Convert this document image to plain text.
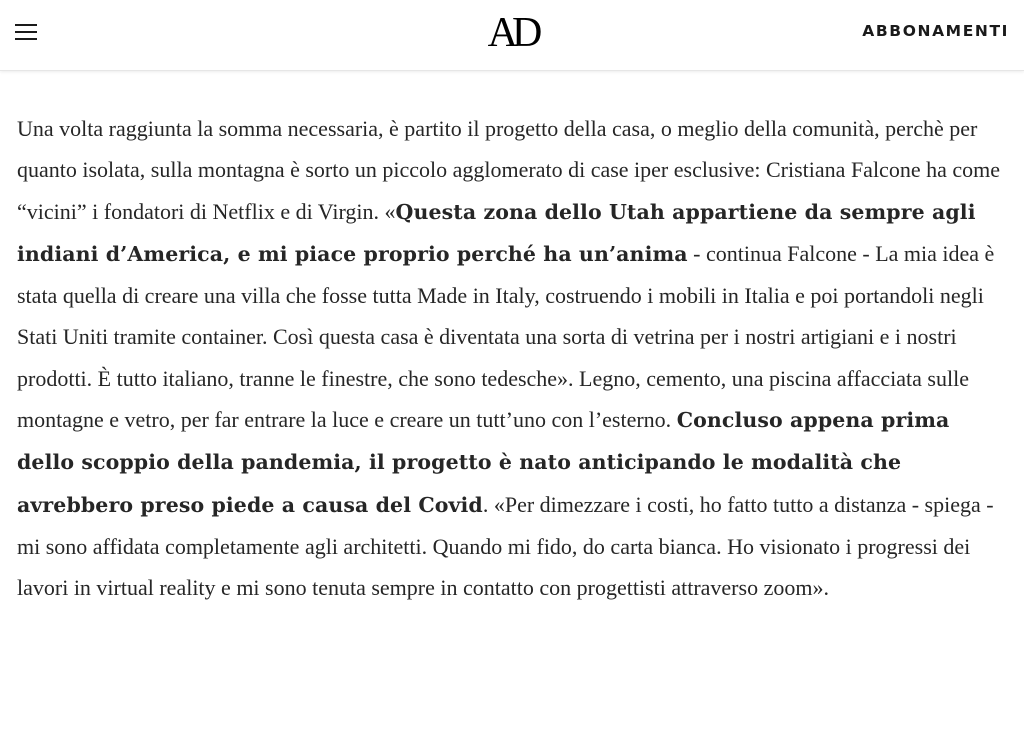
AD	ABBONAMENTI

Una volta raggiunta la somma necessaria, è partito il progetto della casa, o meglio della comunità, perchè per quanto isolata, sulla montagna è sorto un piccolo agglomerato di case iper esclusive: Cristiana Falcone ha come “vicini” i fondatori di Netflix e di Virgin. «Questa zona dello Utah appartiene da sempre agli indiani d’America, e mi piace proprio perché ha un’anima - continua Falcone - La mia idea è stata quella di creare una villa che fosse tutta Made in Italy, costruendo i mobili in Italia e poi portandoli negli Stati Uniti tramite container. Così questa casa è diventata una sorta di vetrina per i nostri artigiani e i nostri prodotti. È tutto italiano, tranne le finestre, che sono tedesche». Legno, cemento, una piscina affacciata sulle montagne e vetro, per far entrare la luce e creare un tutt’uno con l’esterno. Concluso appena prima dello scoppio della pandemia, il progetto è nato anticipando le modalità che avrebbero preso piede a causa del Covid. «Per dimezzare i costi, ho fatto tutto a distanza - spiega - mi sono affidata completamente agli architetti. Quando mi fido, do carta bianca. Ho visionato i progressi dei lavori in virtual reality e mi sono tenuta sempre in contatto con progettisti attraverso zoom».
